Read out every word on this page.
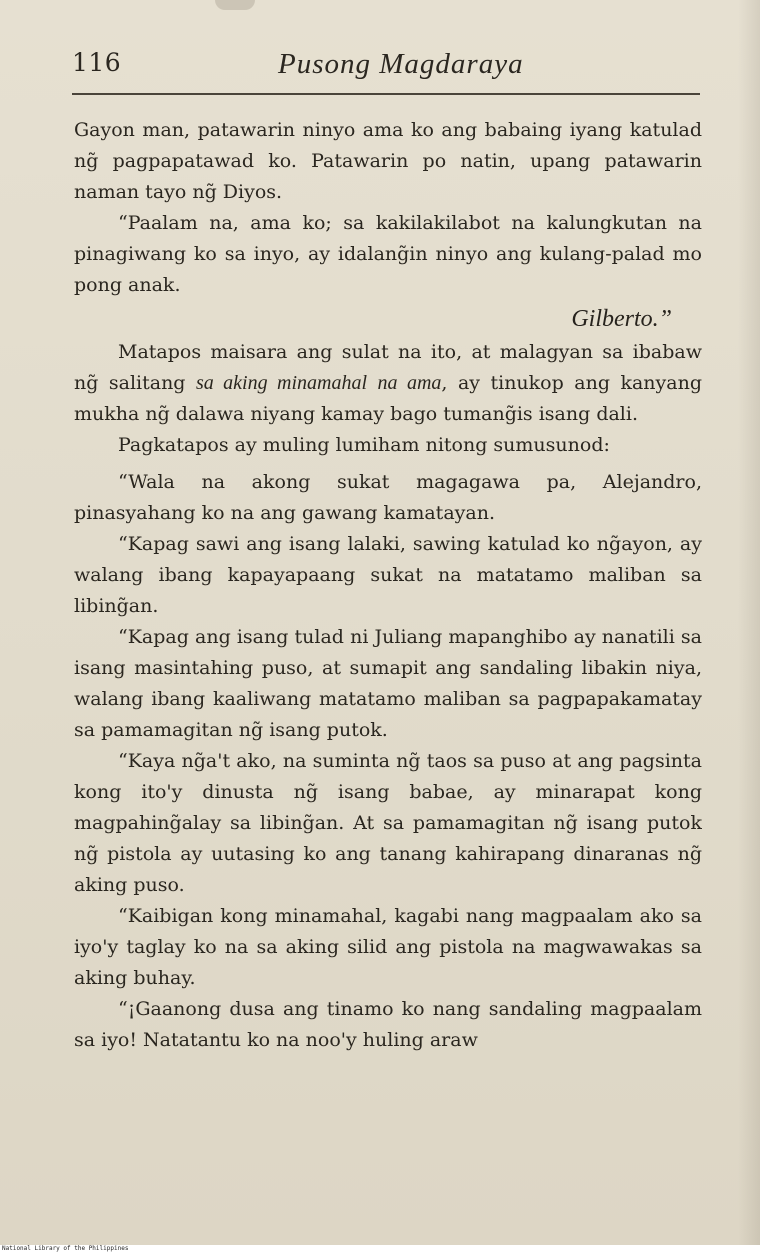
116	Pusong Magdaraya

Gayon man, patawarin ninyo ama ko ang babaing iyang katulad ng̃ pagpapatawad ko. Patawarin po natin, upang patawarin naman tayo ng̃ Diyos.

“Paalam na, ama ko; sa kakilakilabot na kalungkutan na pinagiwang ko sa inyo, ay idalang̃in ninyo ang kulang-palad mo pong anak.

Gilberto.”

Matapos maisara ang sulat na ito, at malagyan sa ibabaw ng̃ salitang sa aking minamahal na ama, ay tinukop ang kanyang mukha ng̃ dalawa niyang kamay bago tumang̃is isang dali.

Pagkatapos ay muling lumiham nitong sumusunod:

“Wala na akong sukat magagawa pa, Alejandro, pinasyahang ko na ang gawang kamatayan.

“Kapag sawi ang isang lalaki, sawing katulad ko ng̃ayon, ay walang ibang kapayapaang sukat na matatamo maliban sa libing̃an.

“Kapag ang isang tulad ni Juliang mapanghibo ay nanatili sa isang masintahing puso, at sumapit ang sandaling libakin niya, walang ibang kaaliwang matatamo maliban sa pagpapakamatay sa pamamagitan ng̃ isang putok.

“Kaya ng̃a't ako, na suminta ng̃ taos sa puso at ang pagsinta kong ito'y dinusta ng̃ isang babae, ay minarapat kong magpahing̃alay sa libing̃an. At sa pamamagitan ng̃ isang putok ng̃ pistola ay uutasing ko ang tanang kahirapang dinaranas ng̃ aking puso.

“Kaibigan kong minamahal, kagabi nang magpaalam ako sa iyo'y taglay ko na sa aking silid ang pistola na magwawakas sa aking buhay.

“¡Gaanong dusa ang tinamo ko nang sandaling magpaalam sa iyo! Natatantu ko na noo'y huling araw

National Library of the Philippines
